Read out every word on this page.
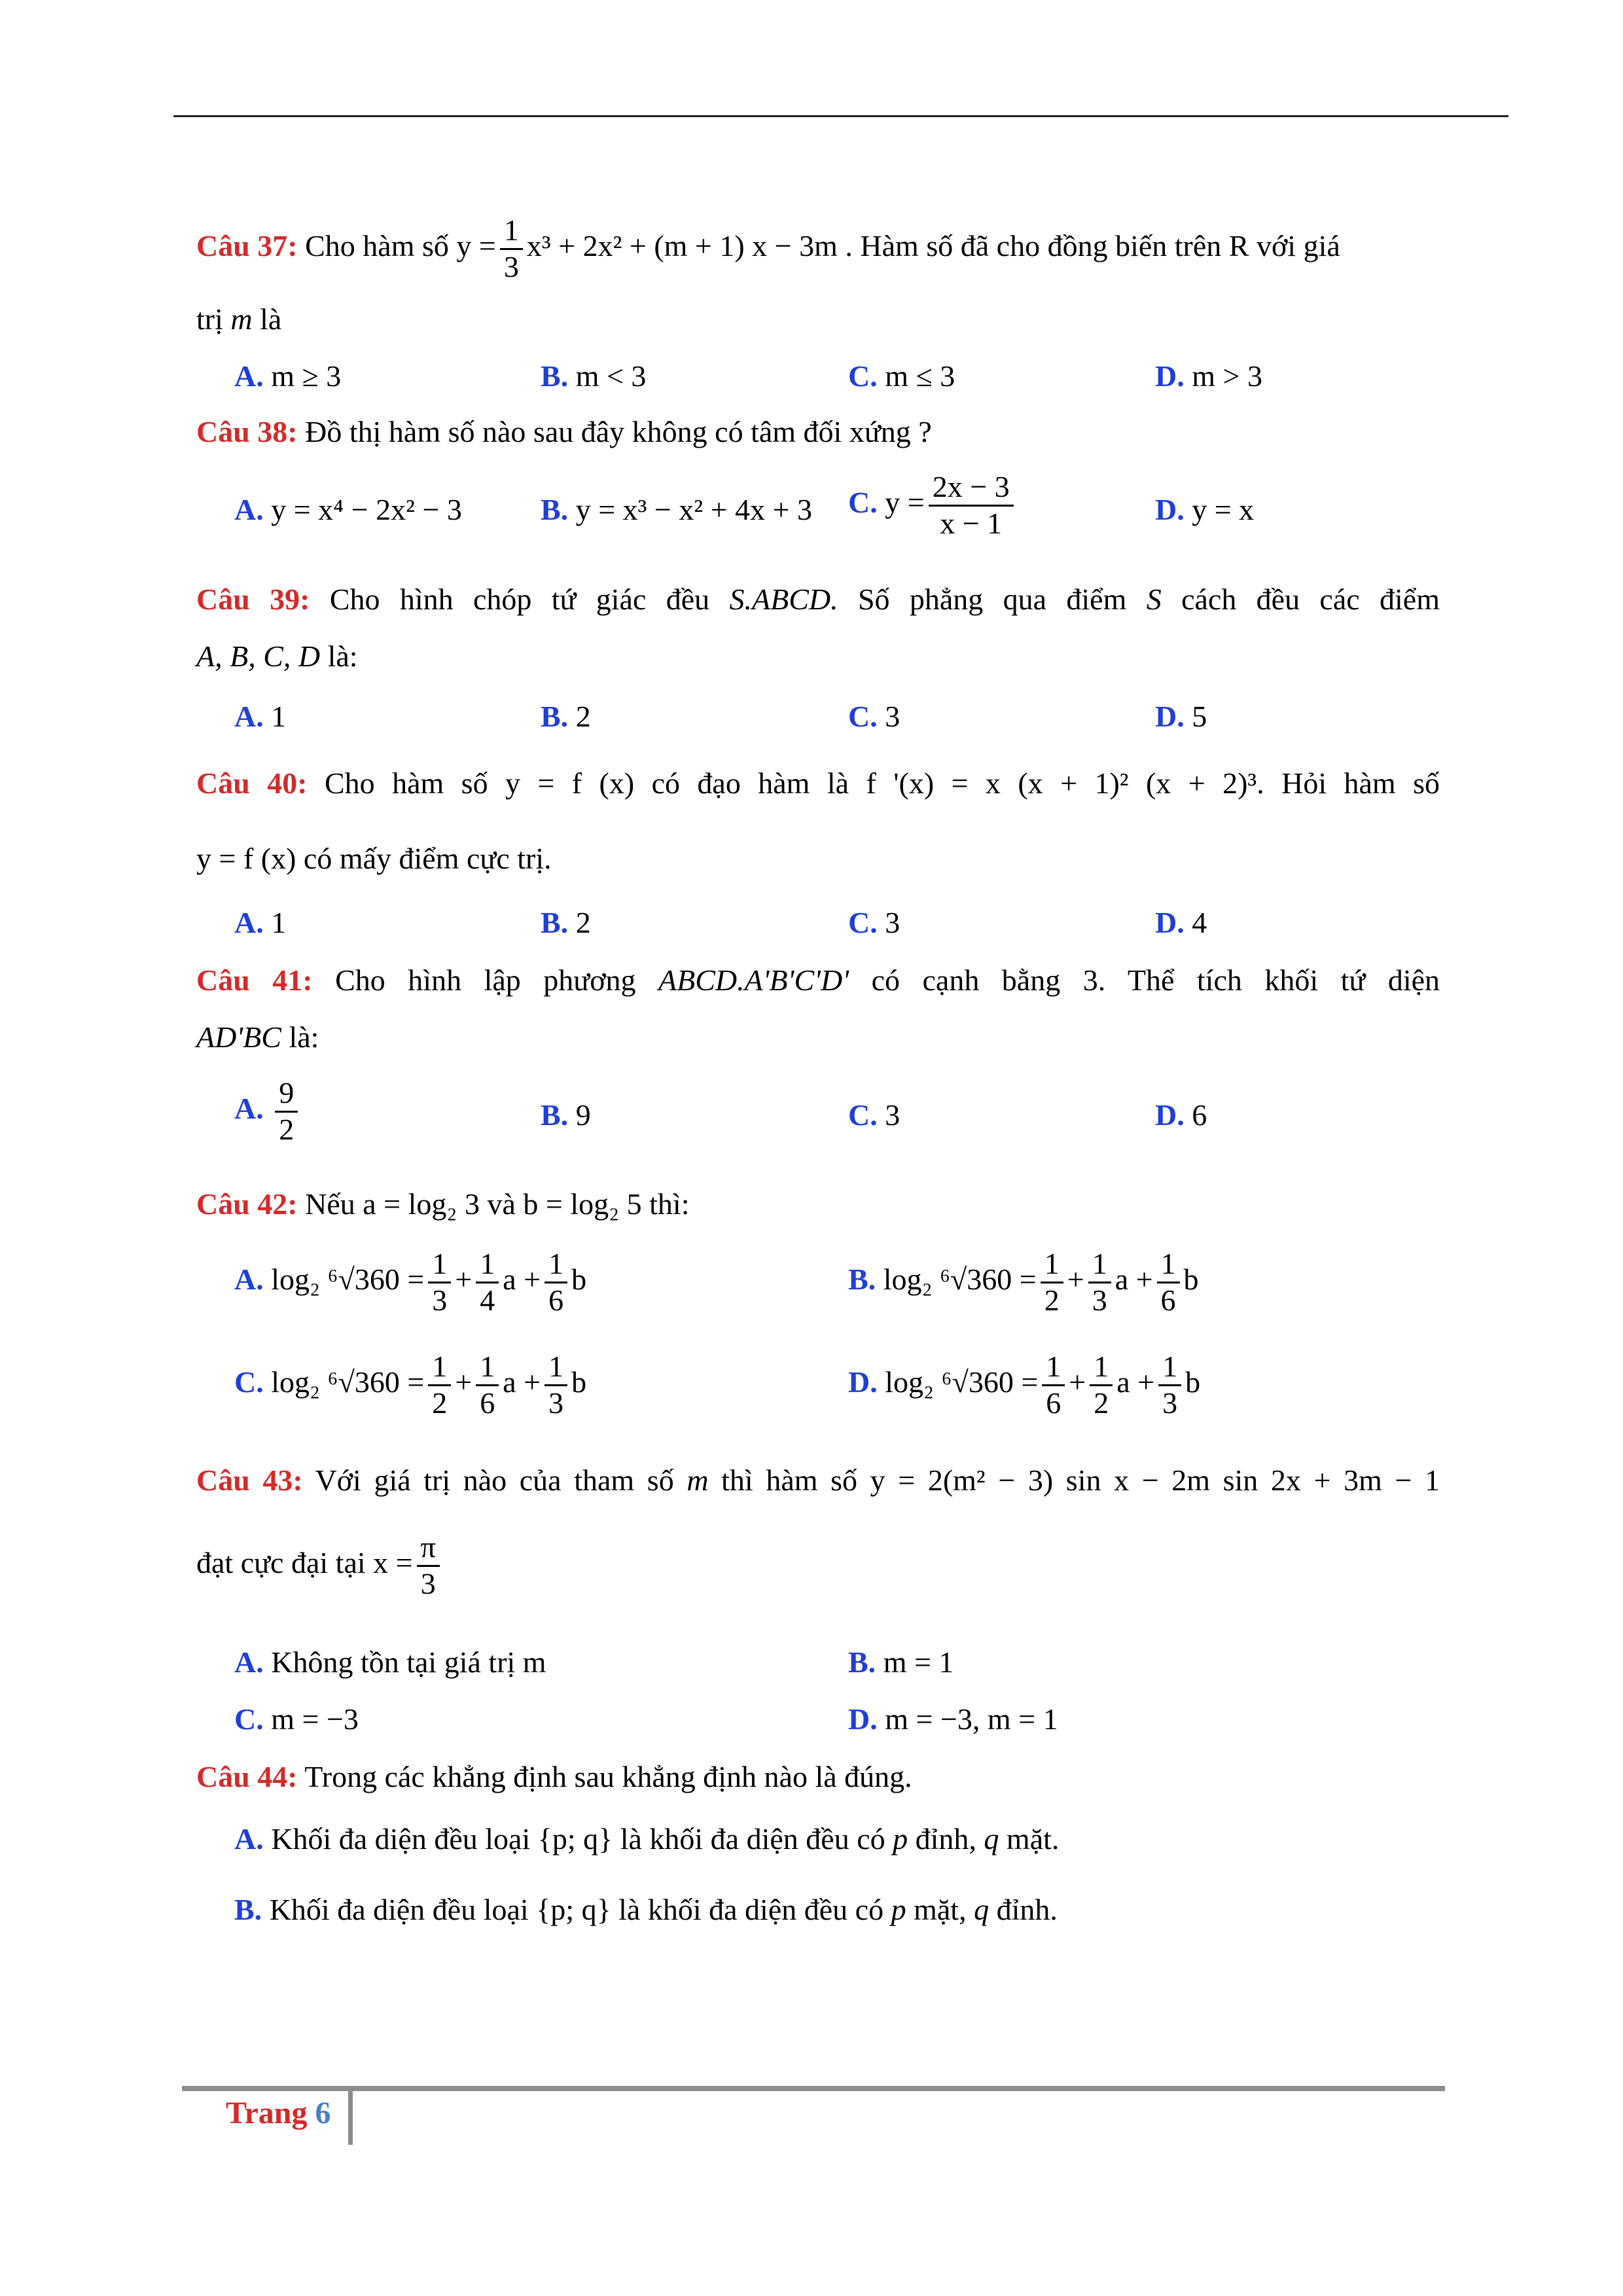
Câu 37: Cho hàm số $y = \frac{1}{3} x^3 + 2x^2 + (m + 1) x - 3m$ . Hàm số đã cho đồng biến trên R với giá
trị m là
A. m ≥ 3	B. m < 3	C. m ≤ 3	D. m > 3
Câu 38: Đồ thị hàm số nào sau đây không có tâm đối xứng ?
A. y = x⁴ − 2x² − 3	B. y = x³ − x² + 4x + 3 C. $y = \frac{2x - 3}{x - 1}$	D. y = x
Câu 39: Cho hình chóp tứ giác đều S.ABCD. Số phẳng qua điểm S cách đều các điểm
A, B, C, D là:
A. 1	B. 2	C. 3	D. 5
Câu 40: Cho hàm số y = f (x) có đạo hàm là f '(x) = x (x + 1)² (x + 2)³. Hỏi hàm số
y = f (x) có mấy điểm cực trị.
A. 1	B. 2	C. 3	D. 4
Câu 41: Cho hình lập phương ABCD.A'B'C'D' có cạnh bằng 3. Thể tích khối tứ diện
AD'BC là:
A. $\frac{9}{2}$	B. 9	C. 3	D. 6
Câu 42: Nếu a = log₂ 3 và b = log₂ 5 thì:
A. log₂ $^6√360 = \frac{1}{3} + \frac{1}{4}$ $a + \frac{1}{6}$ b	B. log₂ $^6√360 = \frac{1}{2} + \frac{1}{3}$ $a + \frac{1}{6}$ b
C. log₂ $^6√360 = \frac{1}{2} + \frac{1}{6}$ $a + \frac{1}{3}$ b	D. log₂ $^6√360 = \frac{1}{6} + \frac{1}{2}$ $a + \frac{1}{3}$ b
Câu 43: Với giá trị nào của tham số m thì hàm số y = 2(m² − 3) sin x − 2m sin 2x + 3m − 1
đạt cực đại tại $x = \frac{\pi}{3}$
A. Không tồn tại giá trị m	B. m = 1
C. m = −3	D. m = −3, m = 1
Câu 44: Trong các khẳng định sau khẳng định nào là đúng.
A. Khối đa diện đều loại {p; q} là khối đa diện đều có p đỉnh, q mặt.
B. Khối đa diện đều loại {p; q} là khối đa diện đều có p mặt, q đỉnh.
Trang 6
